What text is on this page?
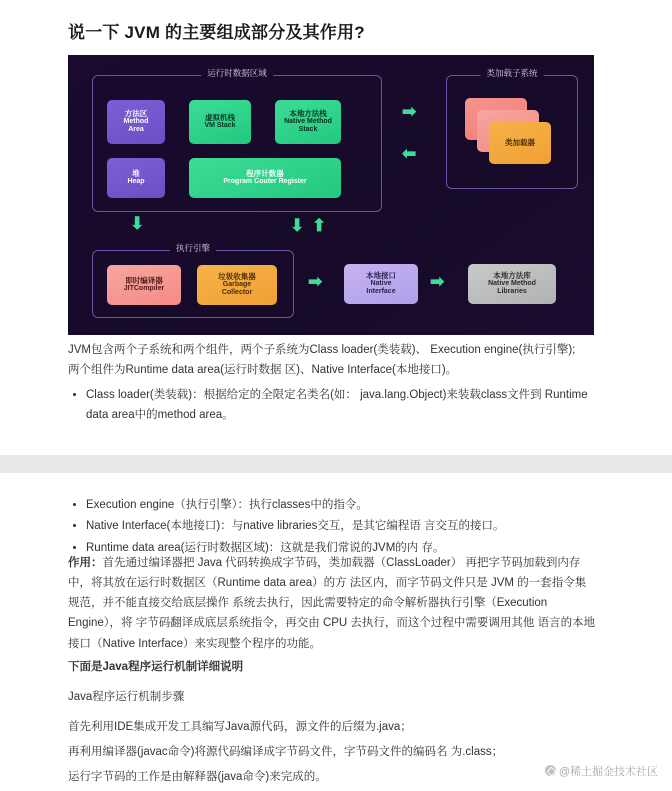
说一下 JVM 的主要组成部分及其作用?
运行时数据区域
方法区
Method
Area
虚拟机栈
VM Stack
本地方法栈
Native Method Stack
堆
Heap
程序计数器
Program Couter Register
类加载子系统
类加载器
执行引擎
即时编译器
JITCompiler
垃圾收集器
Garbage
Collector
本地接口
Native
Interface
本地方法库
Native Method
Libraries
➡
⬅
⬇	⬇ ⬆
➡	➡
JVM包含两个子系统和两个组件，两个子系统为Class loader(类装载)、 Execution engine(执行引擎);
两个组件为Runtime data area(运行时数据 区)、Native Interface(本地接口)。
• Class loader(类装载)：根据给定的全限定名类名(如： java.lang.Object)来装载class文件到 Runtime data area中的method area。
• Execution engine（执行引擎）：执行classes中的指令。
• Native Interface(本地接口)：与native libraries交互，是其它编程语 言交互的接口。
• Runtime data area(运行时数据区域)：这就是我们常说的JVM的内 存。
作用：首先通过编译器把 Java 代码转换成字节码，类加载器（ClassLoader） 再把字节码加载到内存中，将其放在运行时数据区（Runtime data area）的方 法区内，而字节码文件只是 JVM 的一套指令集规范，并不能直接交给底层操作 系统去执行，因此需要特定的命令解析器执行引擎（Execution Engine），将 字节码翻译成底层系统指令，再交由 CPU 去执行，而这个过程中需要调用其他 语言的本地接口（Native Interface）来实现整个程序的功能。
下面是Java程序运行机制详细说明
Java程序运行机制步骤
首先利用IDE集成开发工具编写Java源代码，源文件的后缀为.java；
再利用编译器(javac命令)将源代码编译成字节码文件，字节码文件的编码名 为.class；
运行字节码的工作是由解释器(java命令)来完成的。	@稀土掘金技术社区
